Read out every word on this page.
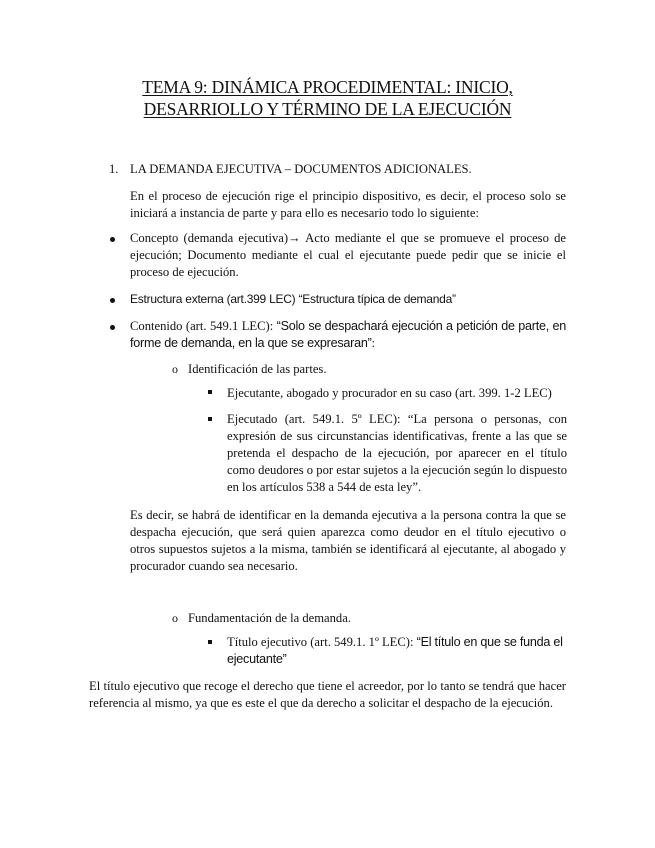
TEMA 9: DINÁMICA PROCEDIMENTAL: INICIO,
DESARRIOLLO Y TÉRMINO DE LA EJECUCIÓN
1. LA DEMANDA EJECUTIVA – DOCUMENTOS ADICIONALES.
En el proceso de ejecución rige el principio dispositivo, es decir, el proceso solo se iniciará a instancia de parte y para ello es necesario todo lo siguiente:
Concepto (demanda ejecutiva)→ Acto mediante el que se promueve el proceso de ejecución; Documento mediante el cual el ejecutante puede pedir que se inicie el proceso de ejecución.
Estructura externa (art.399 LEC) “Estructura típica de demanda”
Contenido (art. 549.1 LEC): “Solo se despachará ejecución a petición de parte, en forme de demanda, en la que se expresaran”:
o Identificación de las partes.
Ejecutante, abogado y procurador en su caso (art. 399. 1-2 LEC)
Ejecutado (art. 549.1. 5º LEC): “La persona o personas, con expresión de sus circunstancias identificativas, frente a las que se pretenda el despacho de la ejecución, por aparecer en el título como deudores o por estar sujetos a la ejecución según lo dispuesto en los artículos 538 a 544 de esta ley”.
Es decir, se habrá de identificar en la demanda ejecutiva a la persona contra la que se despacha ejecución, que será quien aparezca como deudor en el título ejecutivo o otros supuestos sujetos a la misma, también se identificará al ejecutante, al abogado y procurador cuando sea necesario.
o Fundamentación de la demanda.
Título ejecutivo (art. 549.1. 1º LEC): “El título en que se funda el ejecutante”
El título ejecutivo que recoge el derecho que tiene el acreedor, por lo tanto se tendrá que hacer referencia al mismo, ya que es este el que da derecho a solicitar el despacho de la ejecución.
